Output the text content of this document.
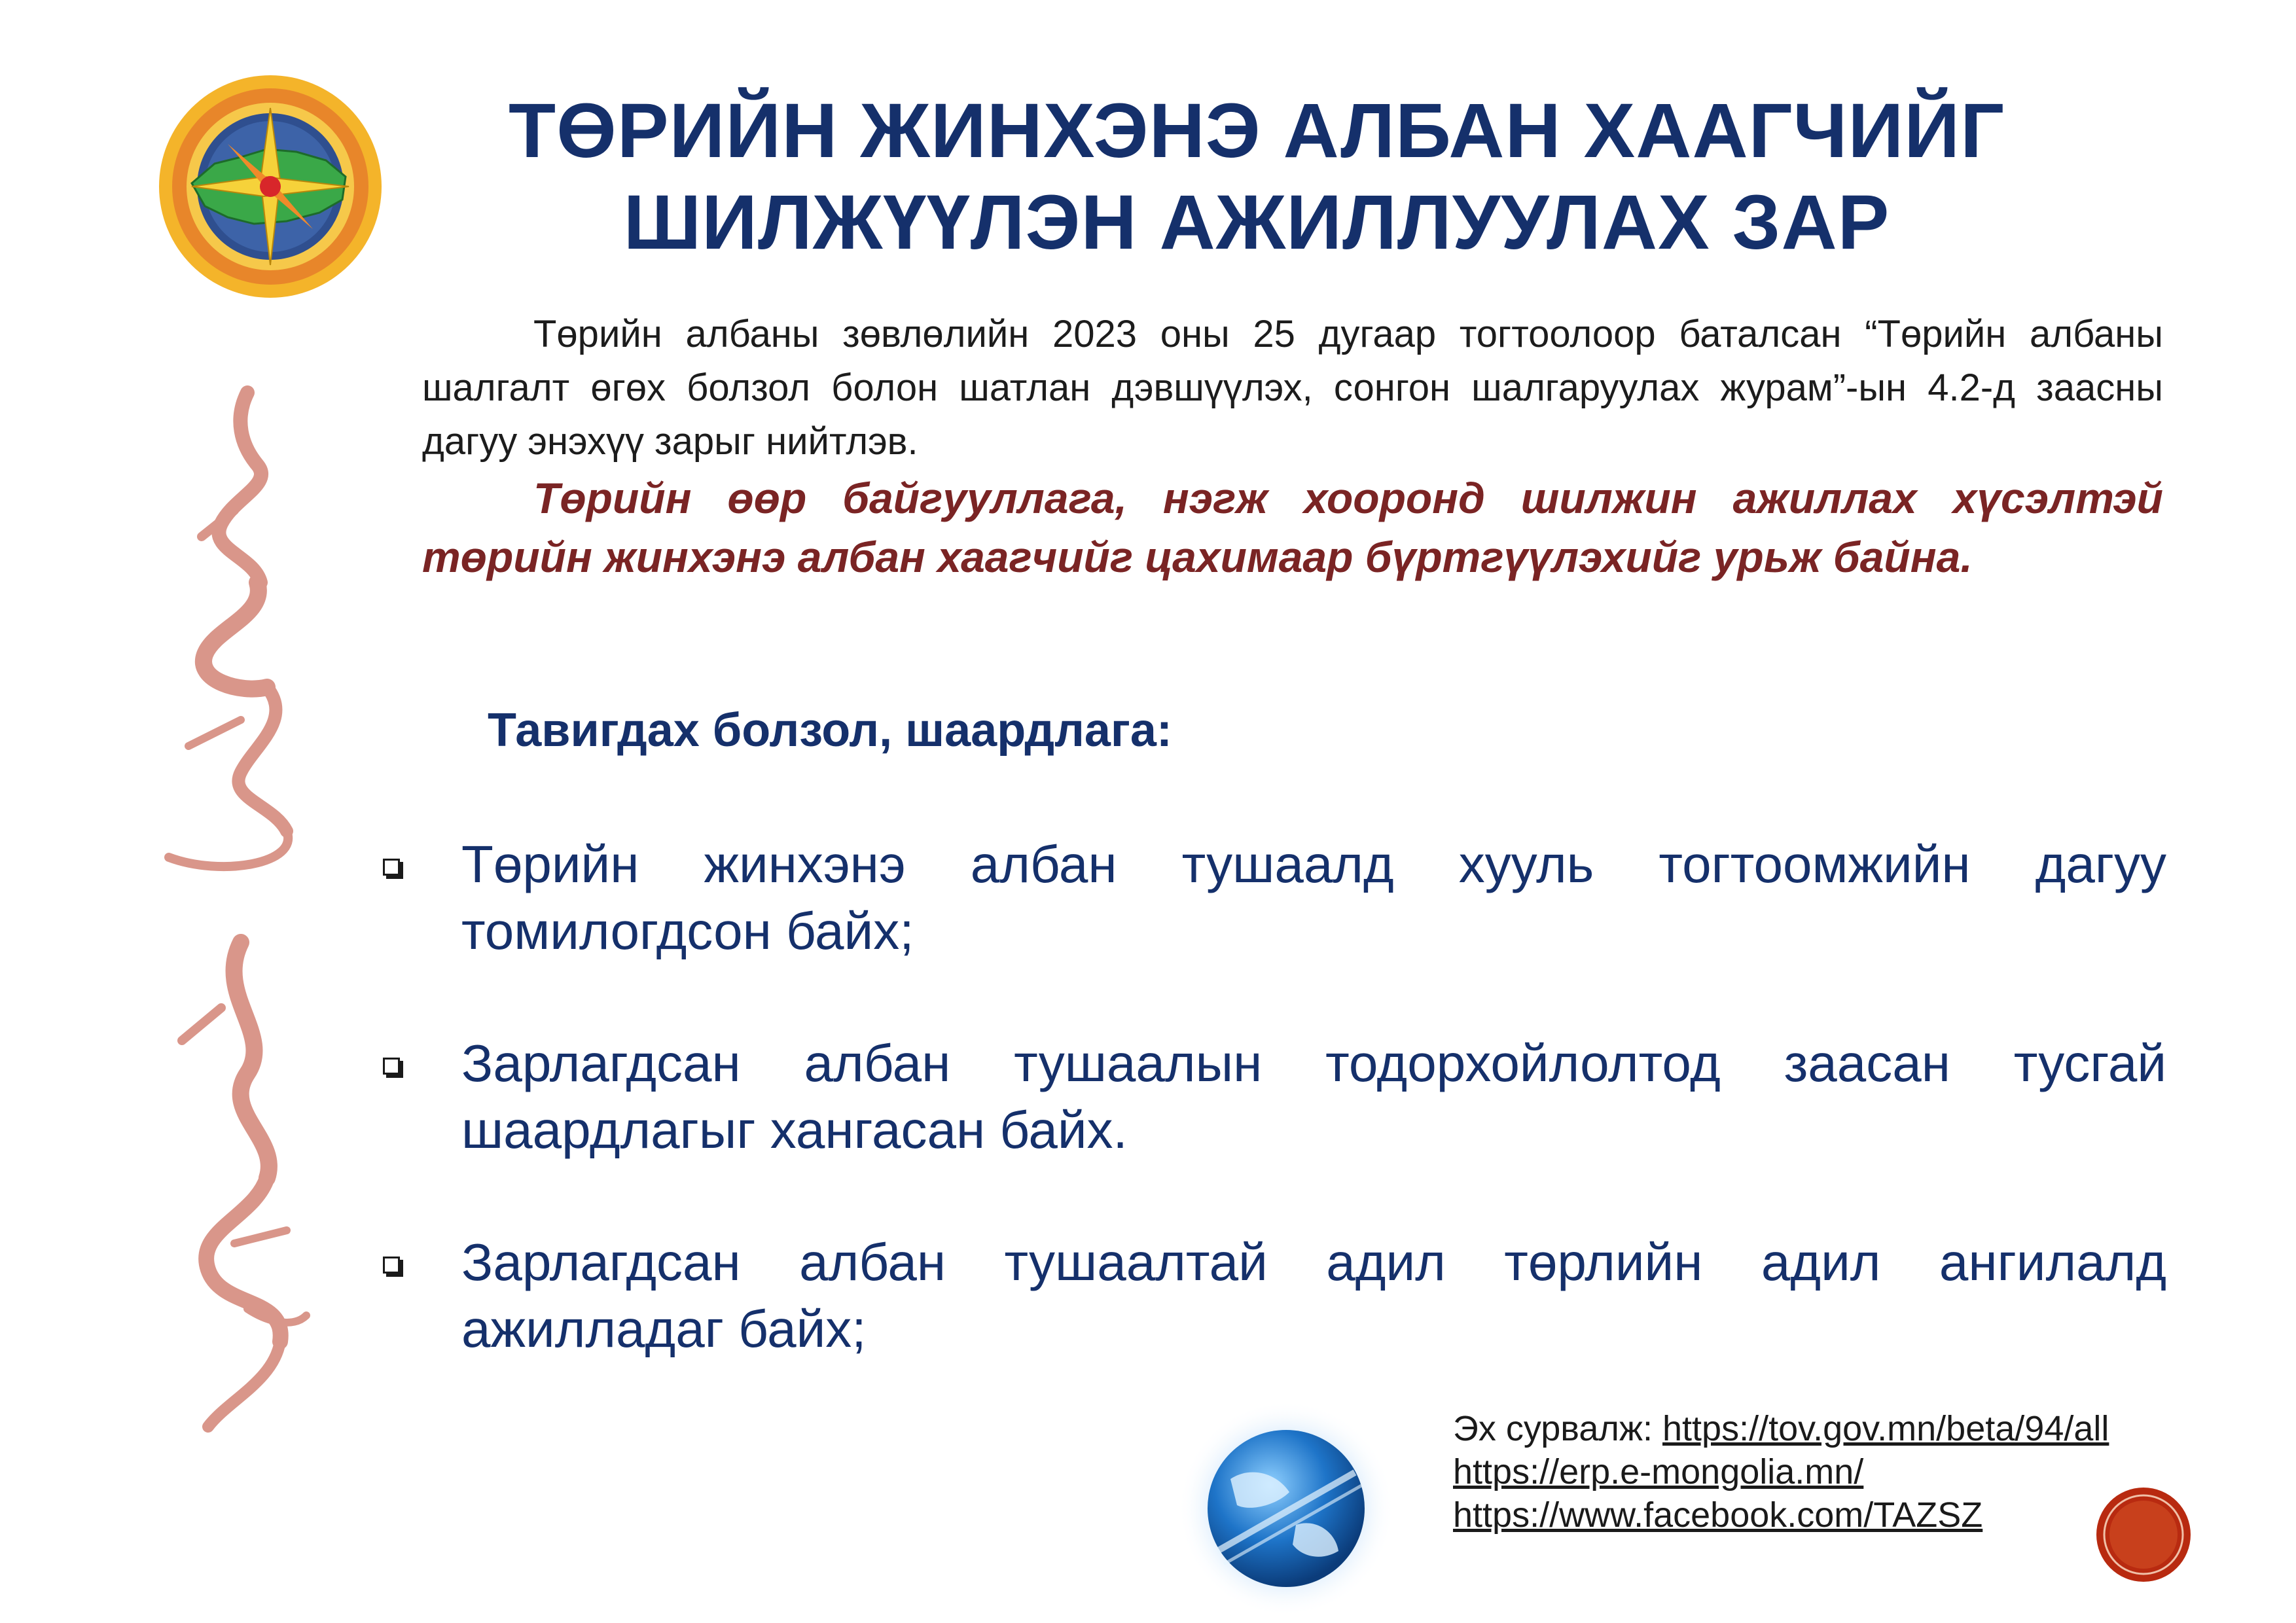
ТӨРИЙН ЖИНХЭНЭ АЛБАН ХААГЧИЙГ
ШИЛЖҮҮЛЭН АЖИЛЛУУЛАХ ЗАР

Төрийн албаны зөвлөлийн 2023 оны 25 дугаар тогтоолоор баталсан “Төрийн албаны шалгалт өгөх болзол болон шатлан дэвшүүлэх, сонгон шалгаруулах журам”-ын 4.2-д заасны дагуу энэхүү зарыг нийтлэв.

Төрийн өөр байгууллага, нэгж хооронд шилжин ажиллах хүсэлтэй төрийн жинхэнэ албан хаагчийг цахимаар бүртгүүлэхийг урьж байна.

Тавигдах болзол, шаардлага:
Төрийн жинхэнэ албан тушаалд хууль тогтоомжийн дагуу томилогдсон байх;
Зарлагдсан албан тушаалын тодорхойлолтод заасан тусгай шаардлагыг хангасан байх.
Зарлагдсан албан тушаалтай адил төрлийн адил ангилалд ажилладаг байх;
Эх сурвалж: https://tov.gov.mn/beta/94/all
https://erp.e-mongolia.mn/
https://www.facebook.com/TAZSZ
